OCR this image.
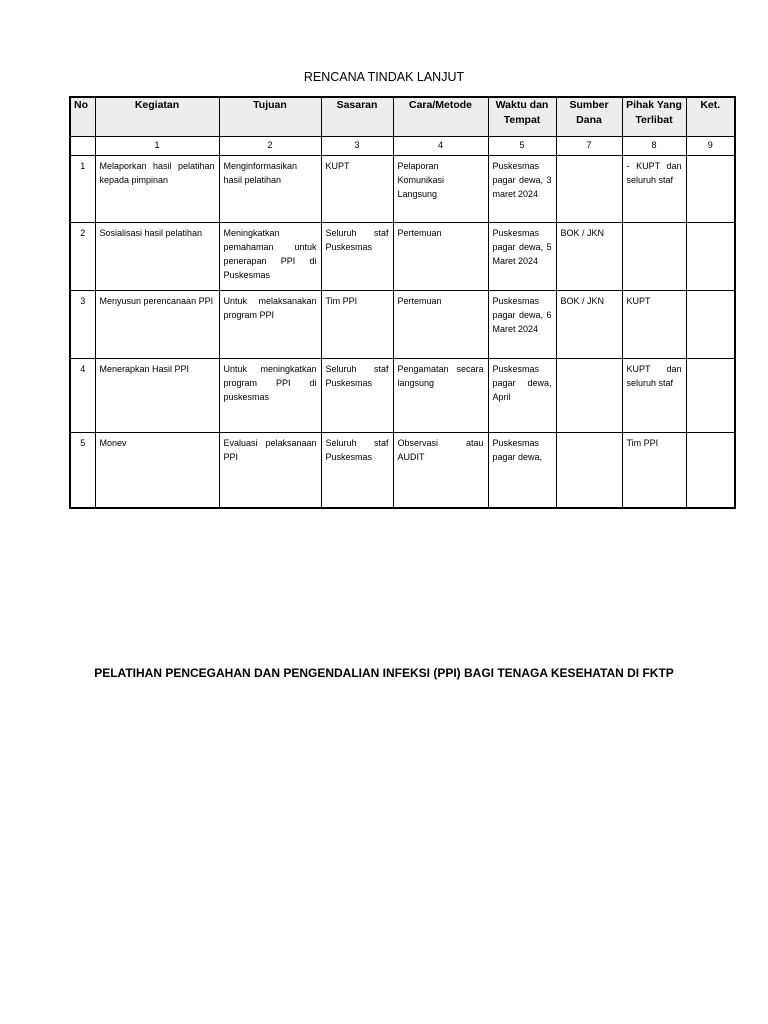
RENCANA TINDAK LANJUT
No	Kegiatan	Tujuan	Sasaran	Cara/Metode	Waktu dan Tempat	Sumber Dana	Pihak Yang Terlibat	Ket.
	1	2	3	4	5	7	8	9
1	Melaporkan hasil pelatihan kepada pimpinan	Menginformasikan hasil pelatihan	KUPT	Pelaporan Komunikasi Langsung	Puskesmas pagar dewa, 3 maret 2024		- KUPT dan seluruh staf	
2	Sosialisasi hasil pelatihan	Meningkatkan pemahaman untuk penerapan PPI di Puskesmas	Seluruh staf Puskesmas	Pertemuan	Puskesmas pagar dewa, 5 Maret 2024	BOK / JKN		
3	Menyusun perencanaan PPI	Untuk melaksanakan program PPI	Tim PPI	Pertemuan	Puskesmas pagar dewa, 6 Maret 2024	BOK / JKN	KUPT	
4	Menerapkan Hasil PPI	Untuk meningkatkan program PPI di puskesmas	Seluruh staf Puskesmas	Pengamatan secara langsung	Puskesmas pagar dewa, April		KUPT dan seluruh staf	
5	Monev	Evaluasi pelaksanaan PPI	Seluruh staf Puskesmas	Observasi atau AUDIT	Puskesmas pagar dewa,		Tim PPI	
PELATIHAN PENCEGAHAN DAN PENGENDALIAN INFEKSI (PPI) BAGI TENAGA KESEHATAN DI FKTP
